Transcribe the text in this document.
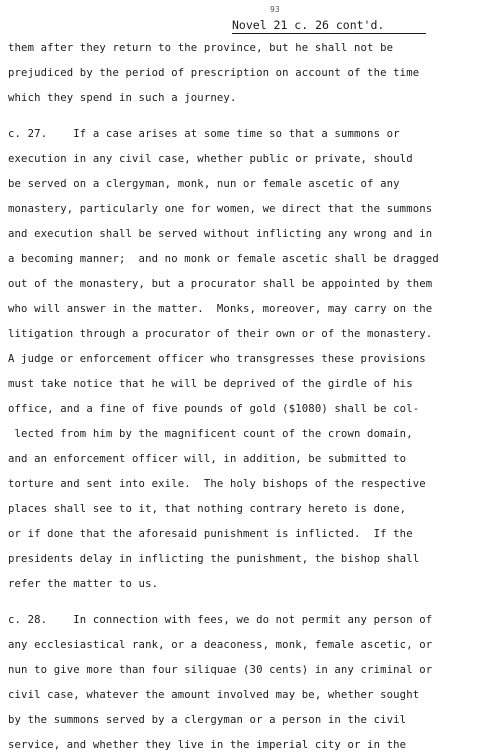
93
Novel 21 c. 26 cont'd.
them after they return to the province, but he shall not be
prejudiced by the period of prescription on account of the time
which they spend in such a journey.
c. 27.    If a case arises at some time so that a summons or
execution in any civil case, whether public or private, should
be served on a clergyman, monk, nun or female ascetic of any
monastery, particularly one for women, we direct that the summons
and execution shall be served without inflicting any wrong and in
a becoming manner;  and no monk or female ascetic shall be dragged
out of the monastery, but a procurator shall be appointed by them
who will answer in the matter.  Monks, moreover, may carry on the
litigation through a procurator of their own or of the monastery.
A judge or enforcement officer who transgresses these provisions
must take notice that he will be deprived of the girdle of his
office, and a fine of five pounds of gold ($1080) shall be col-
lected from him by the magnificent count of the crown domain,
and an enforcement officer will, in addition, be submitted to
torture and sent into exile.  The holy bishops of the respective
places shall see to it, that nothing contrary hereto is done,
or if done that the aforesaid punishment is inflicted.  If the
presidents delay in inflicting the punishment, the bishop shall
refer the matter to us.
c. 28.    In connection with fees, we do not permit any person of
any ecclesiastical rank, or a deaconess, monk, female ascetic, or
nun to give more than four siliquae (30 cents) in any criminal or
civil case, whatever the amount involved may be, whether sought
by the summons served by a clergyman or a person in the civil
service, and whether they live in the imperial city or in the
